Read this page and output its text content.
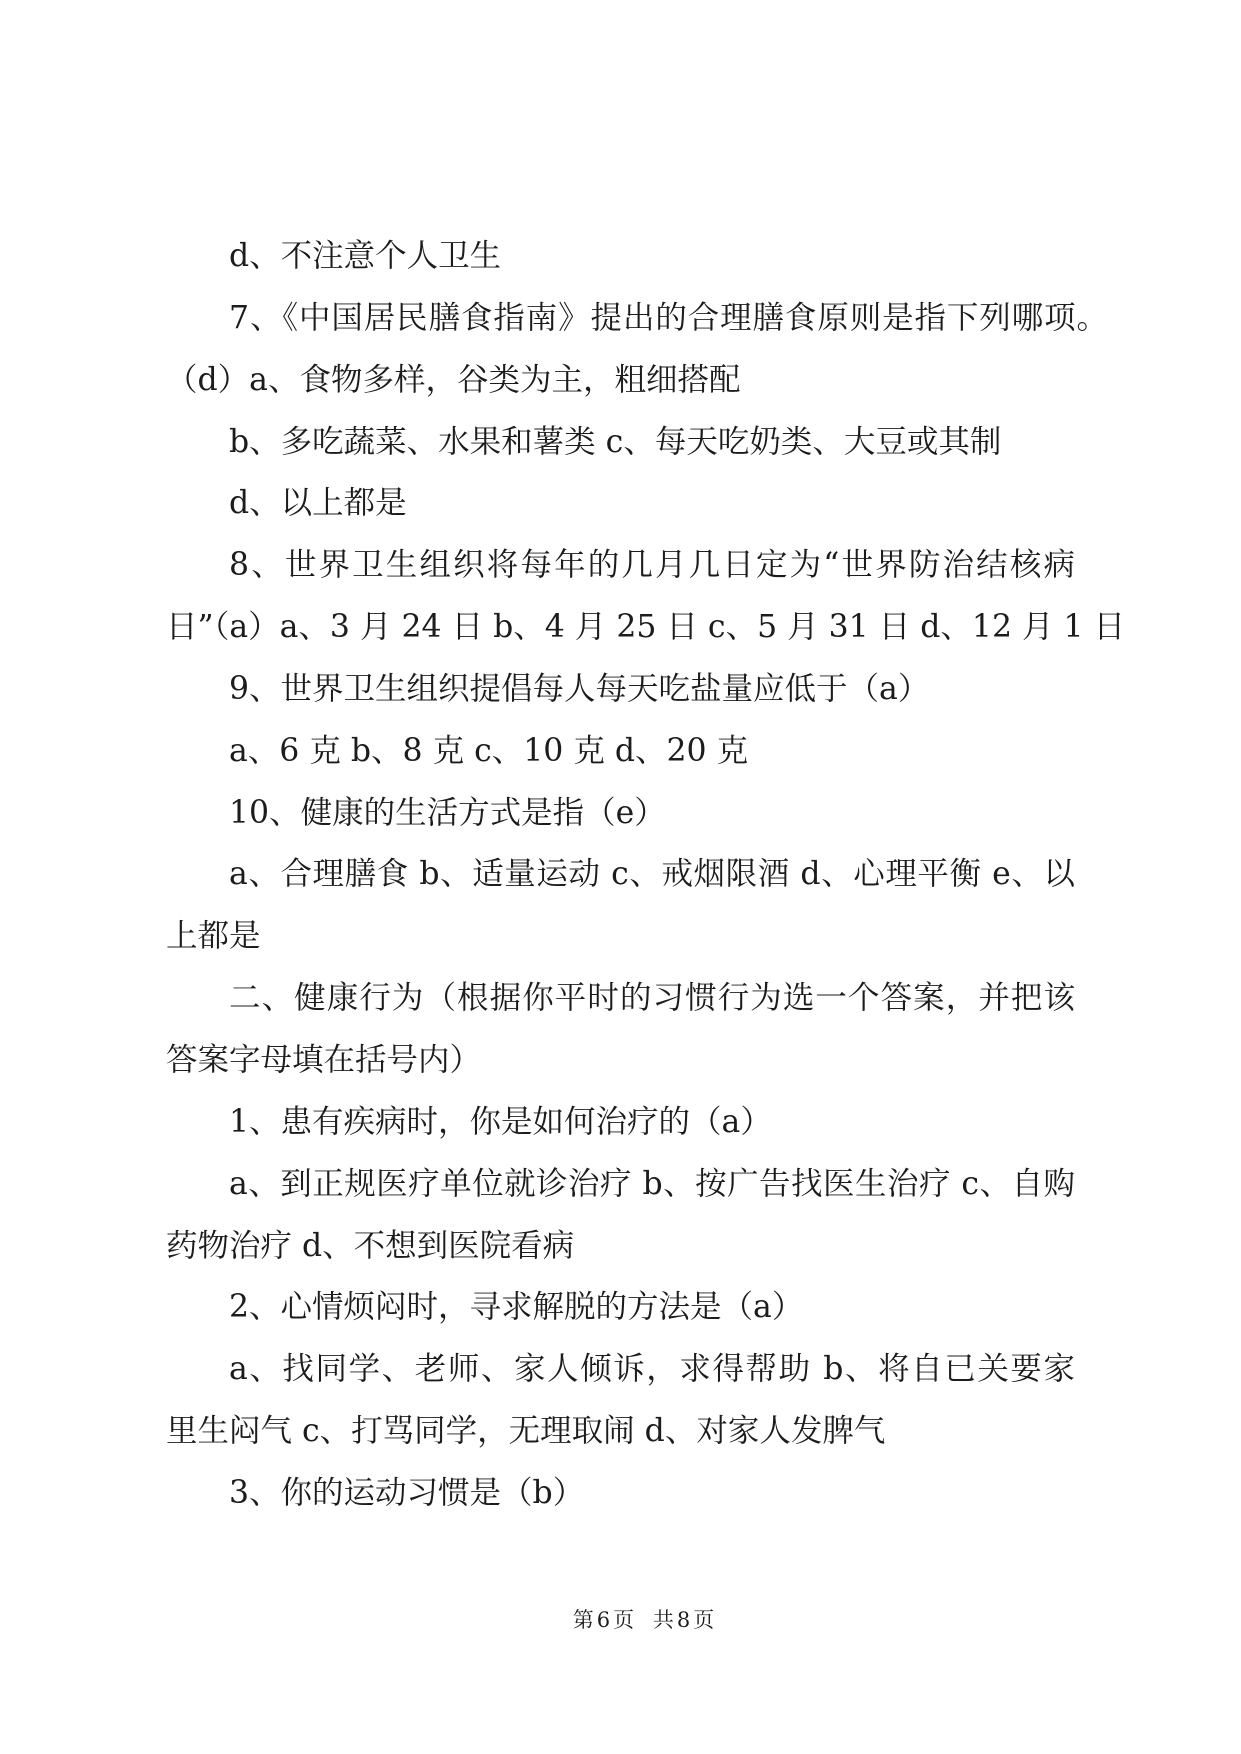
d、不注意个人卫生
7、《中国居民膳食指南》提出的合理膳食原则是指下列哪项。
（d）a、食物多样，谷类为主，粗细搭配
b、多吃蔬菜、水果和薯类 c、每天吃奶类、大豆或其制
d、以上都是
8、世界卫生组织将每年的几月几日定为“世界防治结核病
日”（a）a、3 月 24 日 b、4 月 25 日 c、5 月 31 日 d、12 月 1 日
9、世界卫生组织提倡每人每天吃盐量应低于（a）
a、6 克 b、8 克 c、10 克 d、20 克
10、健康的生活方式是指（e）
a、合理膳食 b、适量运动 c、戒烟限酒 d、心理平衡 e、以
上都是
二、健康行为（根据你平时的习惯行为选一个答案，并把该
答案字母填在括号内）
1、患有疾病时，你是如何治疗的（a）
a、到正规医疗单位就诊治疗 b、按广告找医生治疗 c、自购
药物治疗 d、不想到医院看病
2、心情烦闷时，寻求解脱的方法是（a）
a、找同学、老师、家人倾诉，求得帮助 b、将自已关要家
里生闷气 c、打骂同学，无理取闹 d、对家人发脾气
3、你的运动习惯是（b）
第6页 共8页
